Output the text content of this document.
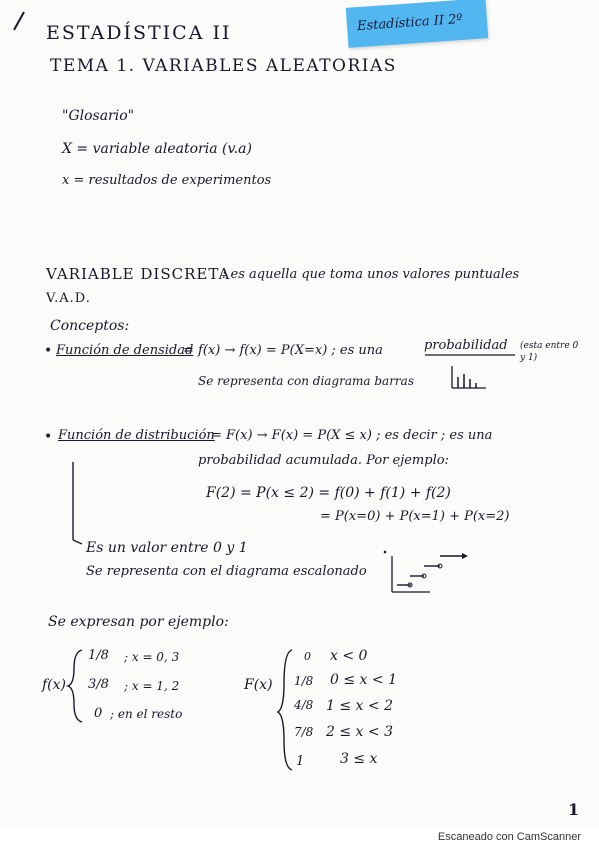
Estadística II 2º
ESTADÍSTICA II
TEMA 1. VARIABLES ALEATORIAS
"Glosario"
X = variable aleatoria (v.a)
x = resultados de experimentos
VARIABLE DISCRETA
: es aquella que toma unos valores puntuales
V.A.D.
Conceptos:
• Función de densidad
= f(x) → f(x) = P(X=x) ; es una	probabilidad (esta entre 0 y 1)
Se representa con diagrama barras
• Función de distribución
= F(x) → F(x) = P(X ≤ x) ; es decir ; es una
probabilidad acumulada. Por ejemplo:
F(2) = P(x ≤ 2) = f(0) + f(1) + f(2)
= P(x=0) + P(x=1) + P(x=2)
Es un valor entre 0 y 1
Se representa con el diagrama escalonado
Se expresan por ejemplo:
f(x)
1/8 ; x = 0, 3
3/8 ; x = 1, 2
0 ; en el resto
F(x)
0 x < 0
1/8 0 ≤ x < 1
4/8 1 ≤ x < 2
7/8 2 ≤ x < 3
1	3 ≤ x
1
Escaneado con CamScanner
